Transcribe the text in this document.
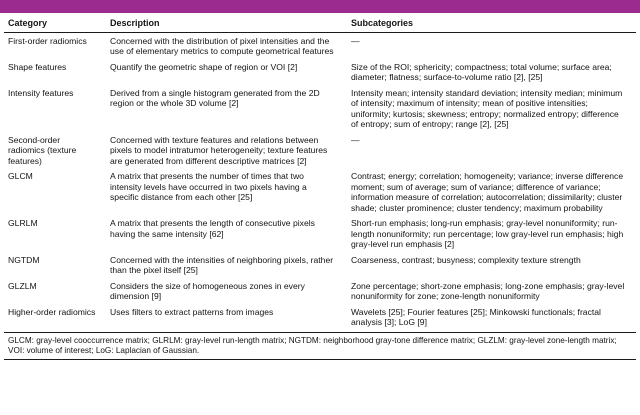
Category	Description	Subcategories
First-order radiomics	Concerned with the distribution of pixel intensities and the use of elementary metrics to compute geometrical features	—
Shape features	Quantify the geometric shape of region or VOI [2]	Size of the ROI; sphericity; compactness; total volume; surface area; diameter; flatness; surface-to-volume ratio [2], [25]
Intensity features	Derived from a single histogram generated from the 2D region or the whole 3D volume [2]	Intensity mean; intensity standard deviation; intensity median; minimum of intensity; maximum of intensity; mean of positive intensities; uniformity; kurtosis; skewness; entropy; normalized entropy; difference of entropy; sum of entropy; range [2], [25]
Second-order radiomics (texture features)	Concerned with texture features and relations between pixels to model intratumor heterogeneity; texture features are generated from different descriptive matrices [2]	—
GLCM	A matrix that presents the number of times that two intensity levels have occurred in two pixels having a specific distance from each other [25]	Contrast; energy; correlation; homogeneity; variance; inverse difference moment; sum of average; sum of variance; difference of variance; information measure of correlation; autocorrelation; dissimilarity; cluster shade; cluster prominence; cluster tendency; maximum probability
GLRLM	A matrix that presents the length of consecutive pixels having the same intensity [62]	Short-run emphasis; long-run emphasis; gray-level nonuniformity; run-length nonuniformity; run percentage; low gray-level run emphasis; high gray-level run emphasis [2]
NGTDM	Concerned with the intensities of neighboring pixels, rather than the pixel itself [25]	Coarseness, contrast; busyness; complexity texture strength
GLZLM	Considers the size of homogeneous zones in every dimension [9]	Zone percentage; short-zone emphasis; long-zone emphasis; gray-level nonuniformity for zone; zone-length nonuniformity
Higher-order radiomics	Uses filters to extract patterns from images	Wavelets [25]; Fourier features [25]; Minkowski functionals; fractal analysis [3]; LoG [9]
GLCM: gray-level cooccurrence matrix; GLRLM: gray-level run-length matrix; NGTDM: neighborhood gray-tone difference matrix; GLZLM: gray-level zone-length matrix; VOI: volume of interest; LoG: Laplacian of Gaussian.
